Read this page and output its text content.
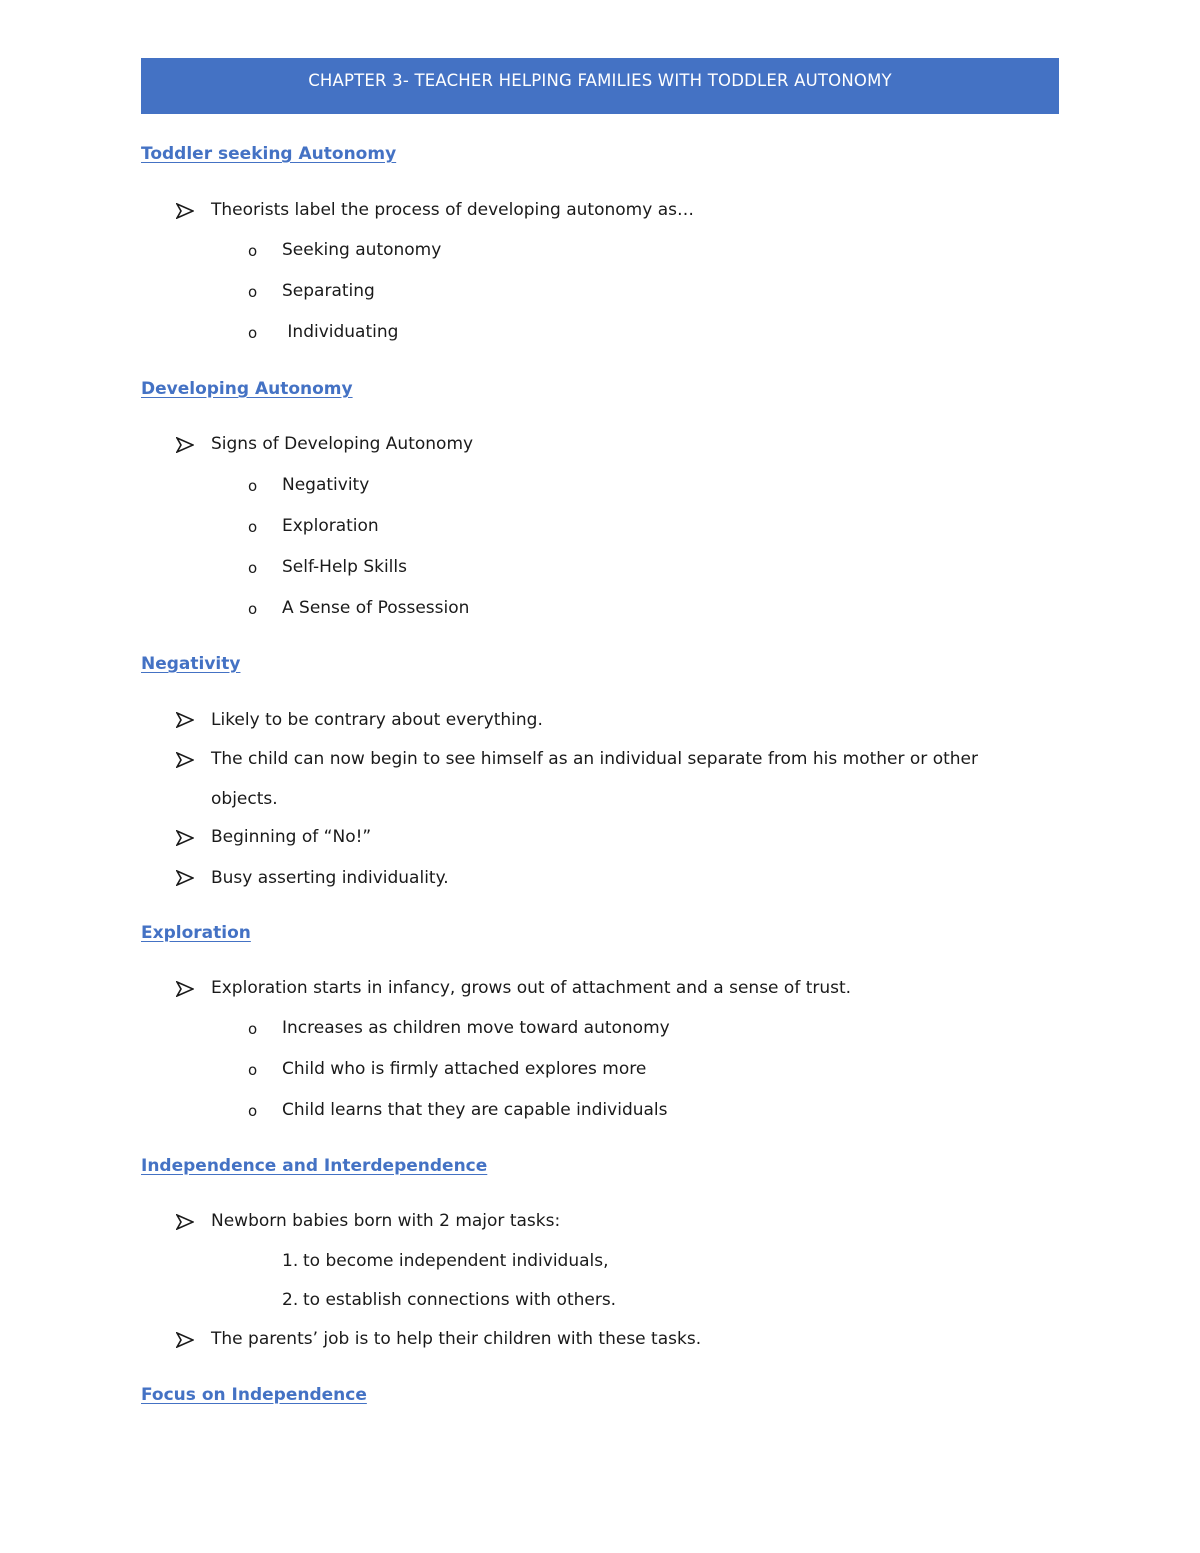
CHAPTER 3- TEACHER HELPING FAMILIES WITH TODDLER AUTONOMY
Toddler seeking Autonomy
Theorists label the process of developing autonomy as…
o Seeking autonomy
o Separating
o Individuating
Developing Autonomy
Signs of Developing Autonomy
o Negativity
o Exploration
o Self-Help Skills
o A Sense of Possession
Negativity
Likely to be contrary about everything.
The child can now begin to see himself as an individual separate from his mother or other
objects.
Beginning of “No!”
Busy asserting individuality.
Exploration
Exploration starts in infancy, grows out of attachment and a sense of trust.
o Increases as children move toward autonomy
o Child who is firmly attached explores more
o Child learns that they are capable individuals
Independence and Interdependence
Newborn babies born with 2 major tasks:
1. to become independent individuals,
2. to establish connections with others.
The parents’ job is to help their children with these tasks.
Focus on Independence
